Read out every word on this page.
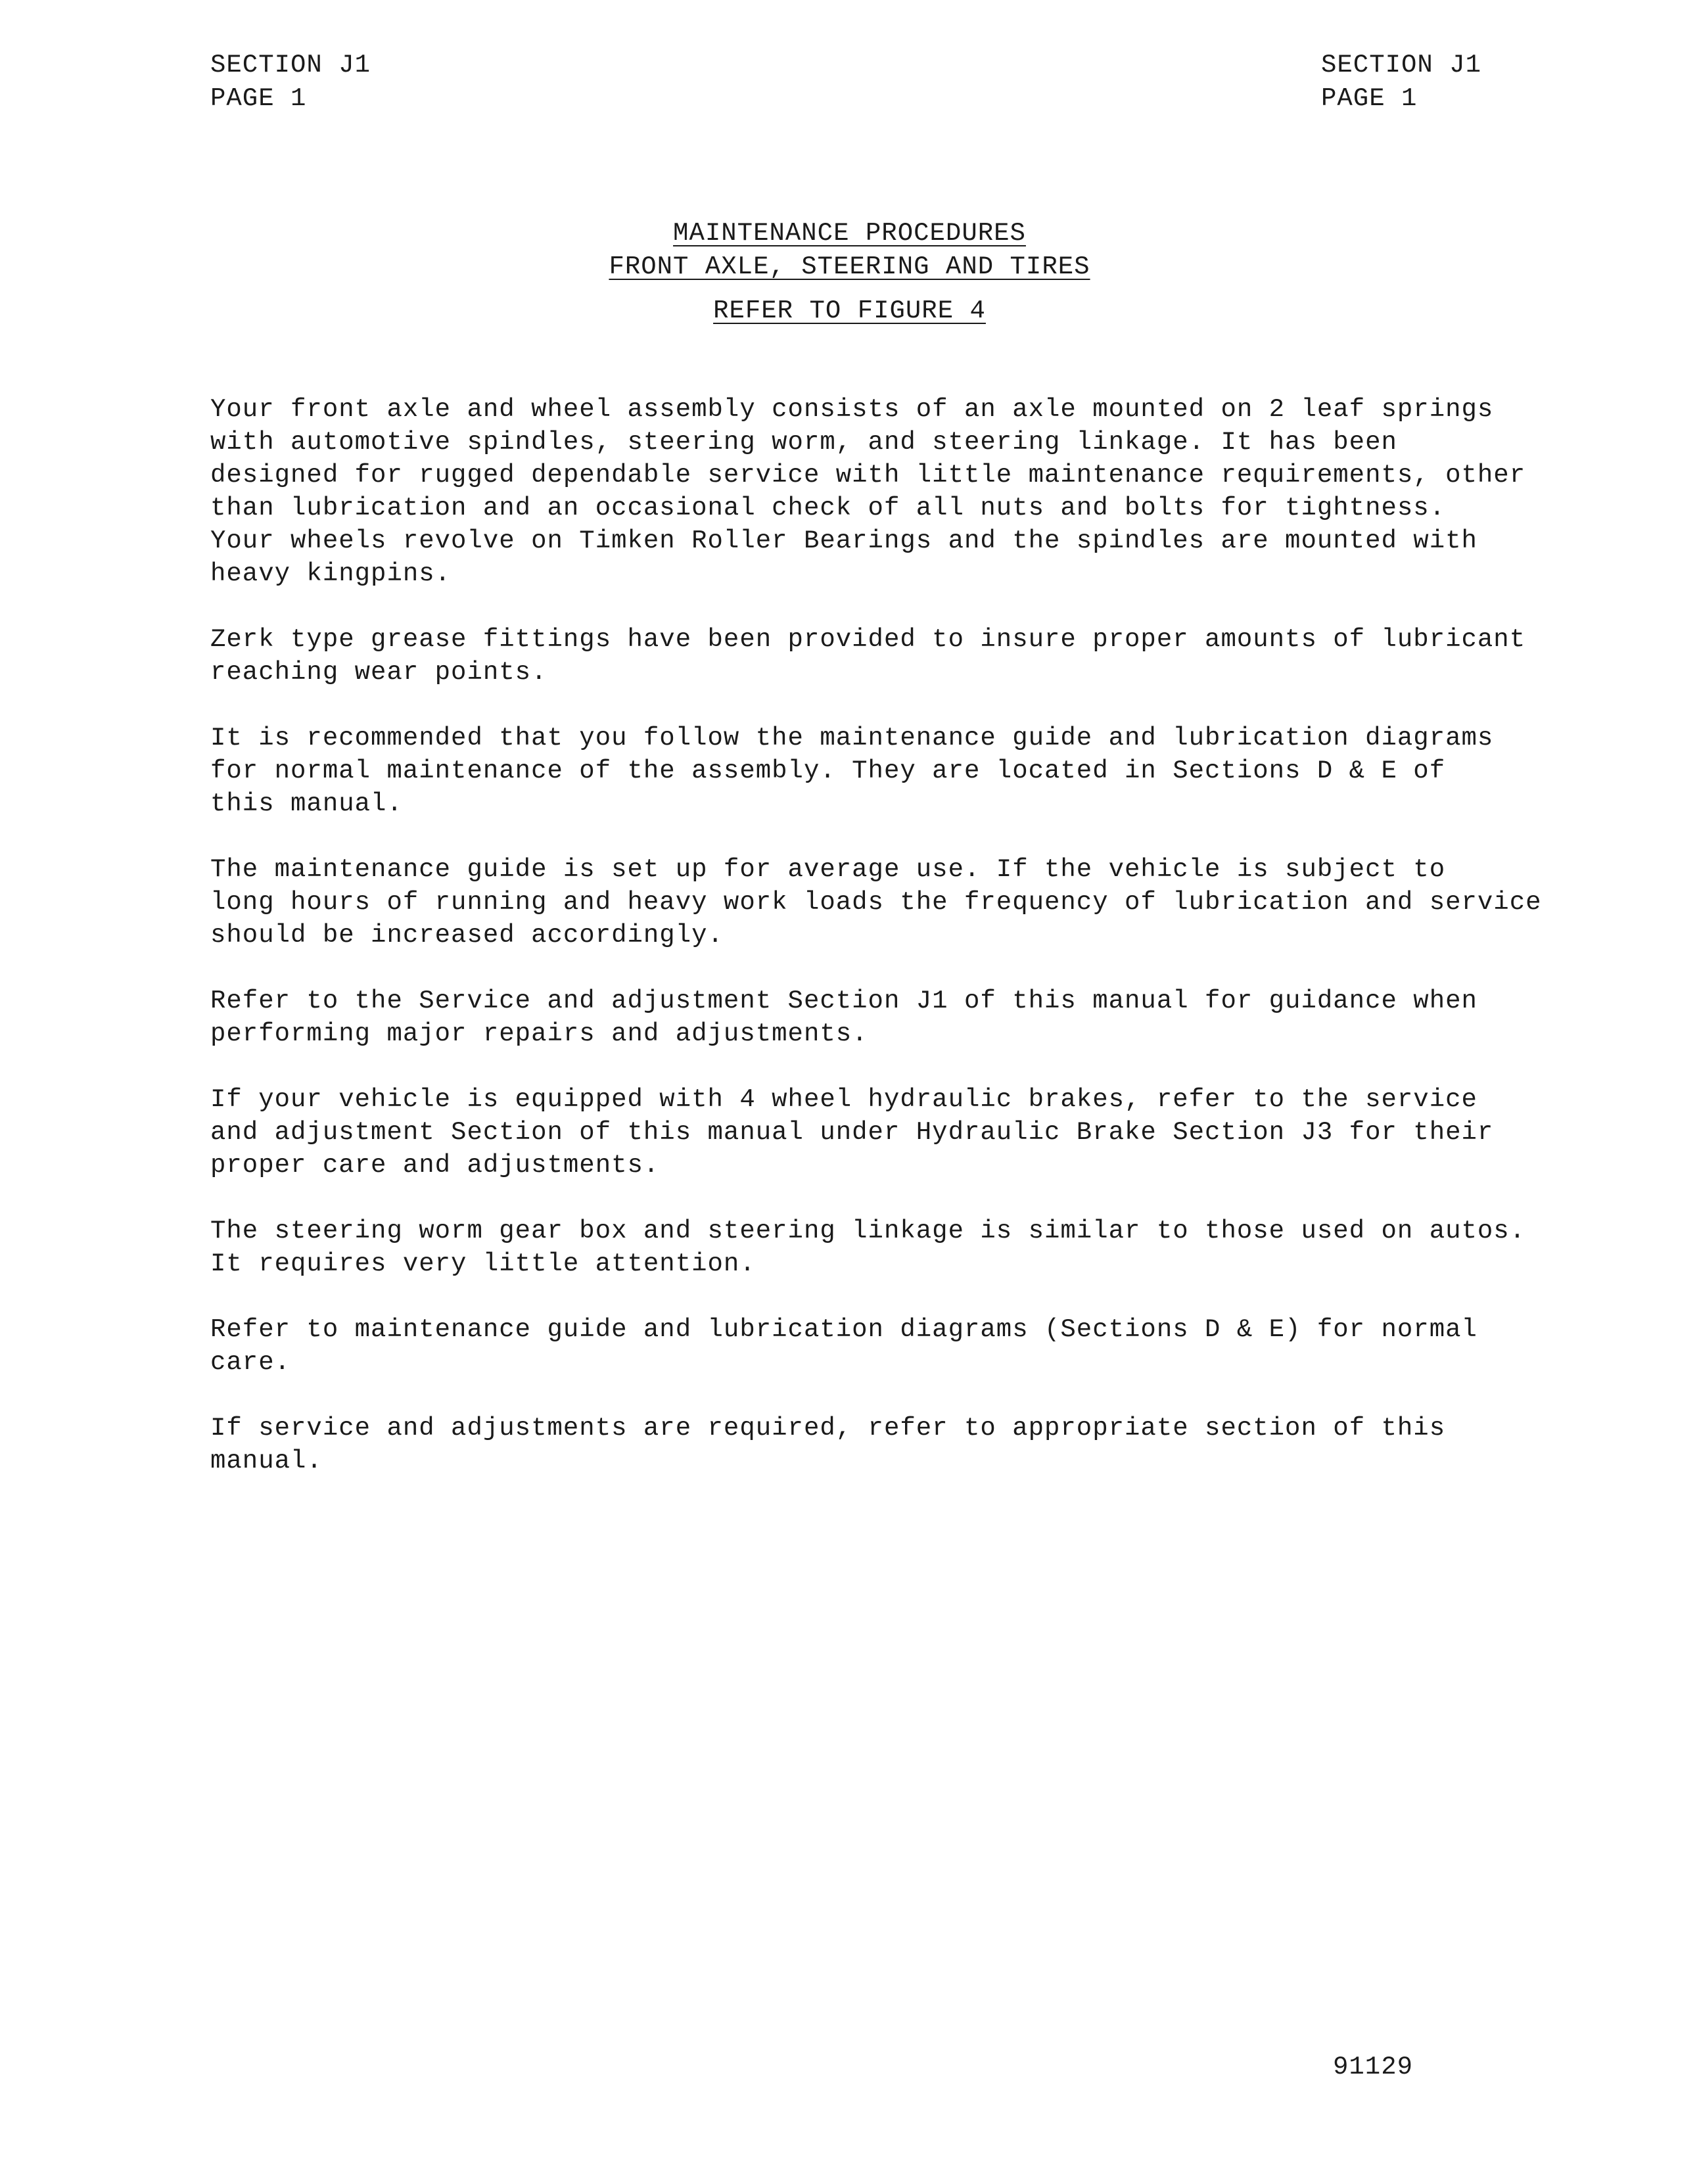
SECTION J1
PAGE 1
SECTION J1
PAGE 1
MAINTENANCE PROCEDURES
FRONT AXLE, STEERING AND TIRES
REFER TO FIGURE 4

Your front axle and wheel assembly consists of an axle mounted on 2 leaf springs
with automotive spindles, steering worm, and steering linkage. It has been
designed for rugged dependable service with little maintenance requirements, other
than lubrication and an occasional check of all nuts and bolts for tightness.
Your wheels revolve on Timken Roller Bearings and the spindles are mounted with
heavy kingpins.

Zerk type grease fittings have been provided to insure proper amounts of lubricant
reaching wear points.

It is recommended that you follow the maintenance guide and lubrication diagrams
for normal maintenance of the assembly. They are located in Sections D & E of
this manual.

The maintenance guide is set up for average use. If the vehicle is subject to
long hours of running and heavy work loads the frequency of lubrication and service
should be increased accordingly.

Refer to the Service and adjustment Section J1 of this manual for guidance when
performing major repairs and adjustments.

If your vehicle is equipped with 4 wheel hydraulic brakes, refer to the service
and adjustment Section of this manual under Hydraulic Brake Section J3 for their
proper care and adjustments.

The steering worm gear box and steering linkage is similar to those used on autos.
It requires very little attention.

Refer to maintenance guide and lubrication diagrams (Sections D & E) for normal
care.

If service and adjustments are required, refer to appropriate section of this
manual.

91129
